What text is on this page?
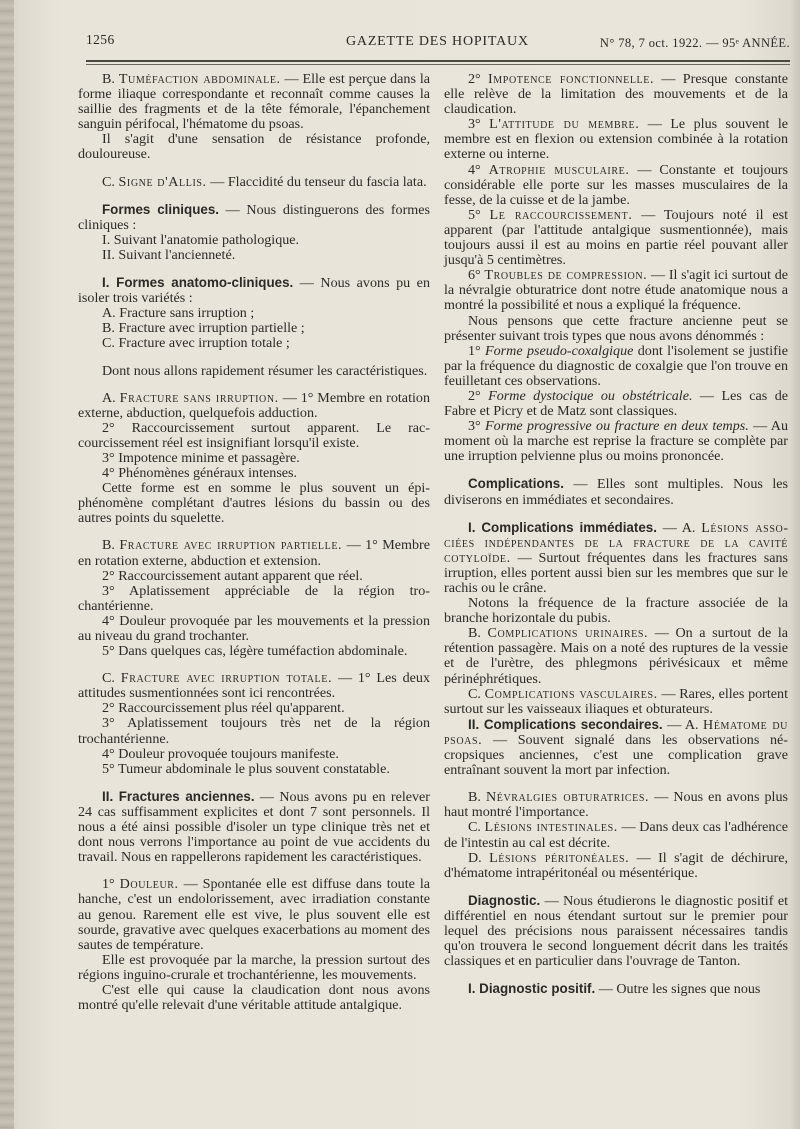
1256	GAZETTE DES HOPITAUX	N° 78, 7 oct. 1922. — 95ᵉ ANNÉE.

B. Tuméfaction abdominale. — Elle est perçue dans la forme iliaque correspondante et reconnaît comme causes la saillie des fragments et de la tête fémorale, l'épanchement sanguin périfocal, l'hématome du psoas.

Il s'agit d'une sensation de résistance profonde, douloureuse.

C. Signe d'Allis. — Flaccidité du tenseur du fascia lata.

Formes cliniques. — Nous distinguerons des formes cliniques :

I. Suivant l'anatomie pathologique.

II. Suivant l'ancienneté.

I. Formes anatomo-cliniques. — Nous avons pu en isoler trois variétés :

A. Fracture sans irruption ;

B. Fracture avec irruption partielle ;

C. Fracture avec irruption totale ;

Dont nous allons rapidement résumer les caractéristiques.

A. Fracture sans irruption. — 1° Membre en rotation externe, abduction, quelquefois adduction.

2° Raccourcissement surtout apparent. Le raccourcissement réel est insignifiant lorsqu'il existe.

3° Impotence minime et passagère.

4° Phénomènes généraux intenses.

Cette forme est en somme le plus souvent un épiphénomène complétant d'autres lésions du bassin ou des autres points du squelette.

B. Fracture avec irruption partielle. — 1° Membre en rotation externe, abduction et extension.

2° Raccourcissement autant apparent que réel.

3° Aplatissement appréciable de la région trochantérienne.

4° Douleur provoquée par les mouvements et la pression au niveau du grand trochanter.

5° Dans quelques cas, légère tuméfaction abdominale.

C. Fracture avec irruption totale. — 1° Les deux attitudes susmentionnées sont ici rencontrées.

2° Raccourcissement plus réel qu'apparent.

3° Aplatissement toujours très net de la région trochantérienne.

4° Douleur provoquée toujours manifeste.

5° Tumeur abdominale le plus souvent constatable.

II. Fractures anciennes. — Nous avons pu en relever 24 cas suffisamment explicites et dont 7 sont personnels. Il nous a été ainsi possible d'isoler un type clinique très net et dont nous verrons l'importance au point de vue accidents du travail. Nous en rappellerons rapidement les caractéristiques.

1° Douleur. — Spontanée elle est diffuse dans toute la hanche, c'est un endolorissement, avec irradiation constante au genou. Rarement elle est vive, le plus souvent elle est sourde, gravative avec quelques exacerbations au moment des sautes de température.

Elle est provoquée par la marche, la pression surtout des régions inguino-crurale et trochantérienne, les mouvements.

C'est elle qui cause la claudication dont nous avons montré qu'elle relevait d'une véritable attitude antalgique.

2° Impotence fonctionnelle. — Presque constante elle relève de la limitation des mouvements et de la claudication.

3° L'attitude du membre. — Le plus souvent le membre est en flexion ou extension combinée à la rotation externe ou interne.

4° Atrophie musculaire. — Constante et toujours considérable elle porte sur les masses musculaires de la fesse, de la cuisse et de la jambe.

5° Le raccourcissement. — Toujours noté il est apparent (par l'attitude antalgique susmentionnée), mais toujours aussi il est au moins en partie réel pouvant aller jusqu'à 5 centimètres.

6° Troubles de compression. — Il s'agit ici surtout de la névralgie obturatrice dont notre étude anatomique nous a montré la possibilité et nous a expliqué la fréquence.

Nous pensons que cette fracture ancienne peut se présenter suivant trois types que nous avons dénommés :

1° Forme pseudo-coxalgique dont l'isolement se justifie par la fréquence du diagnostic de coxalgie que l'on trouve en feuilletant ces observations.

2° Forme dystocique ou obstétricale. — Les cas de Fabre et Picry et de Matz sont classiques.

3° Forme progressive ou fracture en deux temps. — Au moment où la marche est reprise la fracture se complète par une irruption pelvienne plus ou moins prononcée.

Complications. — Elles sont multiples. Nous les diviserons en immédiates et secondaires.

I. Complications immédiates. — A. Lésions associées indépendantes de la fracture de la cavité cotyloïde. — Surtout fréquentes dans les fractures sans irruption, elles portent aussi bien sur les membres que sur le rachis ou le crâne.

Notons la fréquence de la fracture associée de la branche horizontale du pubis.

B. Complications urinaires. — On a surtout de la rétention passagère. Mais on a noté des ruptures de la vessie et de l'urètre, des phlegmons périvésicaux et même périnéphrétiques.

C. Complications vasculaires. — Rares, elles portent surtout sur les vaisseaux iliaques et obturateurs.

II. Complications secondaires. — A. Hématome du psoas. — Souvent signalé dans les observations nécropsiques anciennes, c'est une complication grave entraînant souvent la mort par infection.

B. Névralgies obturatrices. — Nous en avons plus haut montré l'importance.

C. Lésions intestinales. — Dans deux cas l'adhérence de l'intestin au cal est décrite.

D. Lésions péritonéales. — Il s'agit de déchirure, d'hématome intrapéritonéal ou mésentérique.

Diagnostic. — Nous étudierons le diagnostic positif et différentiel en nous étendant surtout sur le premier pour lequel des précisions nous paraissent nécessaires tandis qu'on trouvera le second longuement décrit dans les traités classiques et en particulier dans l'ouvrage de Tanton.

I. Diagnostic positif. — Outre les signes que nous
